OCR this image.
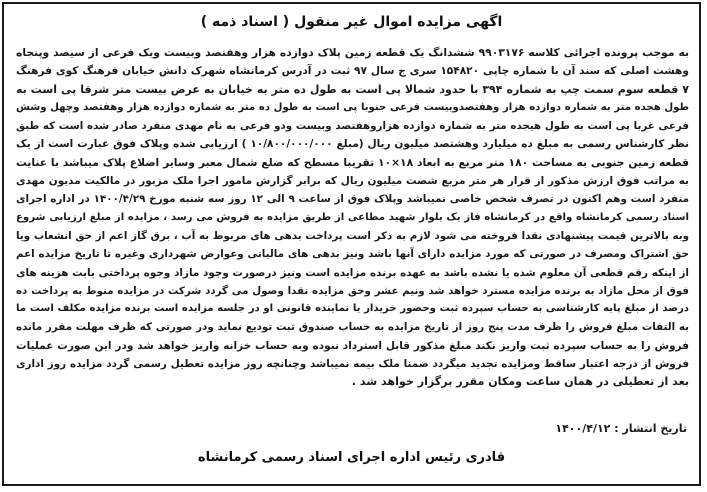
اگهی مزایده اموال غیر منقول ( اسناد ذمه )
به موجب پرونده اجرائی کلاسه ۹۹۰۳۱۷۶ ششدانگ یک قطعه زمین پلاک دوازده هزار وهفتصد وبیست ویک فرعی از سیصد وپنجاه
وهشت اصلی که سند آن با شماره چاپی ۱۵۴۸۲۰ سری ج سال ۹۷ ثبت در آدرس کرمانشاه شهرک دانش خیابان فرهنگ کوی فرهنگ
۷ قطعه سوم سمت چپ به شماره ۳۹۴ با حدود شمالا پی است به طول ده متر به خیابان به عرض بیست متر شرقا پی است به
طول هجده متر به شماره دوازده هزار وهفتصدوبیست فرعی جنوبا پی است به طول ده متر به شماره دوازده هزار وهفتصد وچهل وشش
فرعی غربا پی است به طول هیجده متر به شماره دوازده هزاروهفتصد وبیست ودو فرعی به نام مهدی منفرد صادر شده است که طبق
نظر کارشناس رسمی به مبلغ ده میلیارد وهشتصد میلیون ریال (مبلغ ۱۰/۸۰۰/۰۰۰/۰۰۰ ) ارزیابی شده وپلاک فوق عبارت است از یک
قطعه زمین جنوبی به مساحت ۱۸۰ متر مربع به ابعاد ۱۸×۱۰ تقریبا مسطح که ضلع شمال معبر وسایر اضلاع پلاک میباشد با عنایت
به مراتب فوق ارزش مذکور از قرار هر متر مربع شصت میلیون ریال که برابر گزارش مامور اجرا ملک مزبور در مالکیت مدیون مهدی
منفرد است وهم اکنون در تصرف شخص خاصی نمیباشد وپلاک فوق از ساعت ۹ الی ۱۲ روز سه شنبه مورخ ۱۴۰۰/۴/۲۹ در اداره اجرای
اسناد رسمی کرمانشاه واقع در کرمانشاه فاز یک بلوار شهید مطاعی از طریق مزایده به فروش می رسد ، مزایده از مبلغ ارزیابی شروع
وبه بالاترین قیمت پیشنهادی نقدا فروخته می شود لازم به ذکر است پرداخت بدهی های مربوط به آب ، برق گاز اعم از حق انشعاب ویا
حق اشتراک ومصرف در صورتی که مورد مزایده دارای آنها باشد ونیز بدهی های مالیاتی وعوارض شهرداری وغیره تا تاریخ مزایده اعم
از اینکه رقم قطعی آن معلوم شده یا نشده باشد به عهده برنده مزایده است ونیز درصورت وجود مازاد وجوه پرداختی بابت هزینه های
فوق از محل مازاد به برنده مزایده مسترد خواهد شد ونیم عشر وحق مزایده نقدا وصول می گردد شرکت در مزایده منوط به پرداخت ده
درصد از مبلغ پایه کارشناسی به حساب سپرده ثبت وحضور خریدار یا نماینده قانونی او در جلسه مزایده است برنده مزایده مکلف است ما
به التفات مبلغ فروش را ظرف مدت پنج روز از تاریخ مزایده به حساب صندوق ثبت تودیع نماید ودر صورتی که ظرف مهلت مقرر مانده
فروش را به حساب سپرده ثبت واریز نکند مبلغ مذکور قابل استرداد نبوده وبه حساب خزانه واریز خواهد شد ودر این صورت عملیات
فروش از درجه اعتبار ساقط ومزایده تجدید میگردد ضمنا ملک بیمه نمیباشد وچنانچه روز مزایده تعطیل رسمی گردد مزایده روز اداری
بعد از تعطیلی در همان ساعت ومکان مقرر برگزار خواهد شد .
تاریخ انتشار : ۱۴۰۰/۴/۱۲
قادری رئیس اداره اجرای اسناد رسمی کرمانشاه
